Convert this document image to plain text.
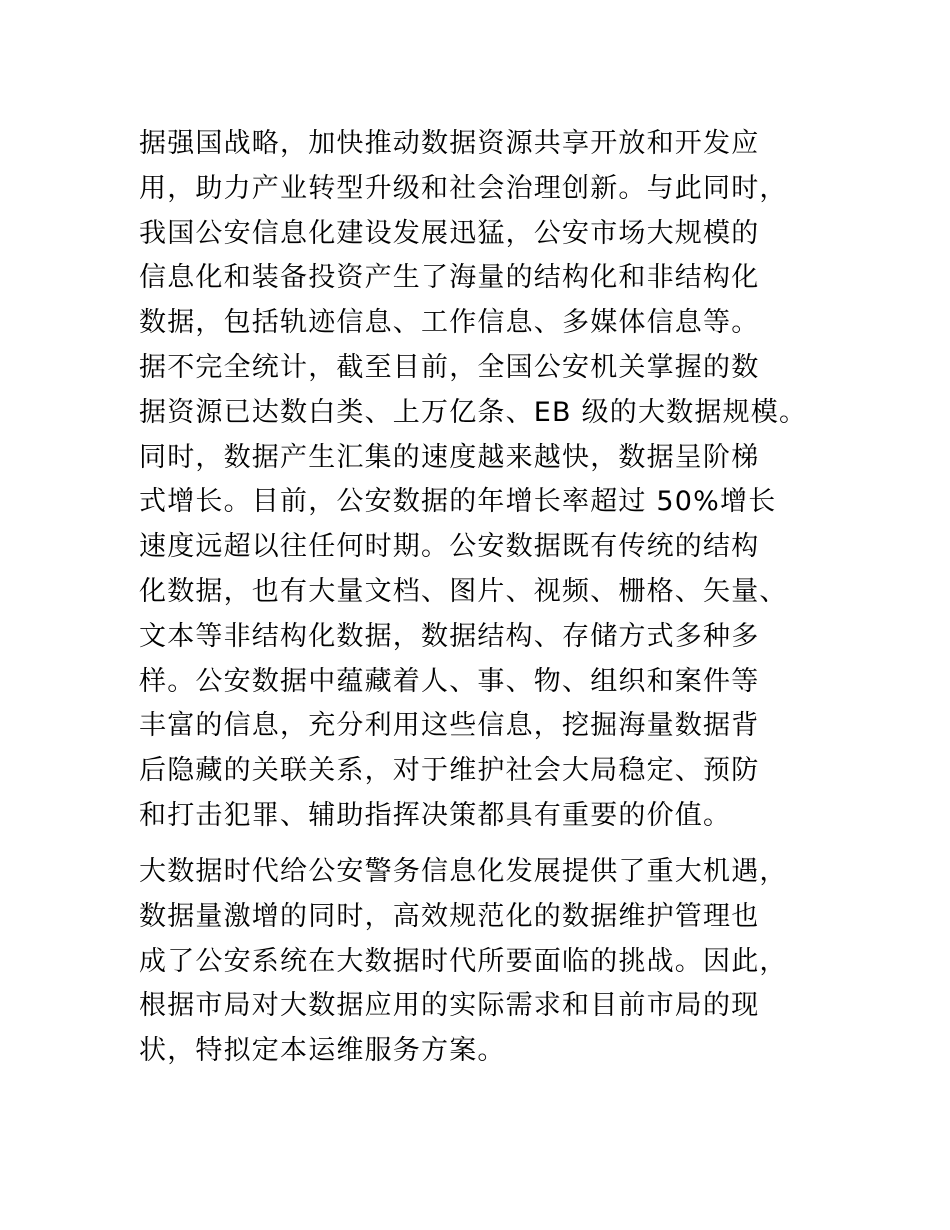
据强国战略，加快推动数据资源共享开放和开发应
用，助力产业转型升级和社会治理创新。与此同时，
我国公安信息化建设发展迅猛，公安市场大规模的
信息化和装备投资产生了海量的结构化和非结构化
数据，包括轨迹信息、工作信息、多媒体信息等。
据不完全统计，截至目前，全国公安机关掌握的数
据资源已达数白类、上万亿条、EB 级的大数据规模。
同时，数据产生汇集的速度越来越快，数据呈阶梯
式增长。目前，公安数据的年增长率超过 50%增长
速度远超以往任何时期。公安数据既有传统的结构
化数据，也有大量文档、图片、视频、栅格、矢量、
文本等非结构化数据，数据结构、存储方式多种多
样。公安数据中蕴藏着人、事、物、组织和案件等
丰富的信息，充分利用这些信息，挖掘海量数据背
后隐藏的关联关系，对于维护社会大局稳定、预防
和打击犯罪、辅助指挥决策都具有重要的价值。
大数据时代给公安警务信息化发展提供了重大机遇，
数据量激增的同时，高效规范化的数据维护管理也
成了公安系统在大数据时代所要面临的挑战。因此，
根据市局对大数据应用的实际需求和目前市局的现
状，特拟定本运维服务方案。
